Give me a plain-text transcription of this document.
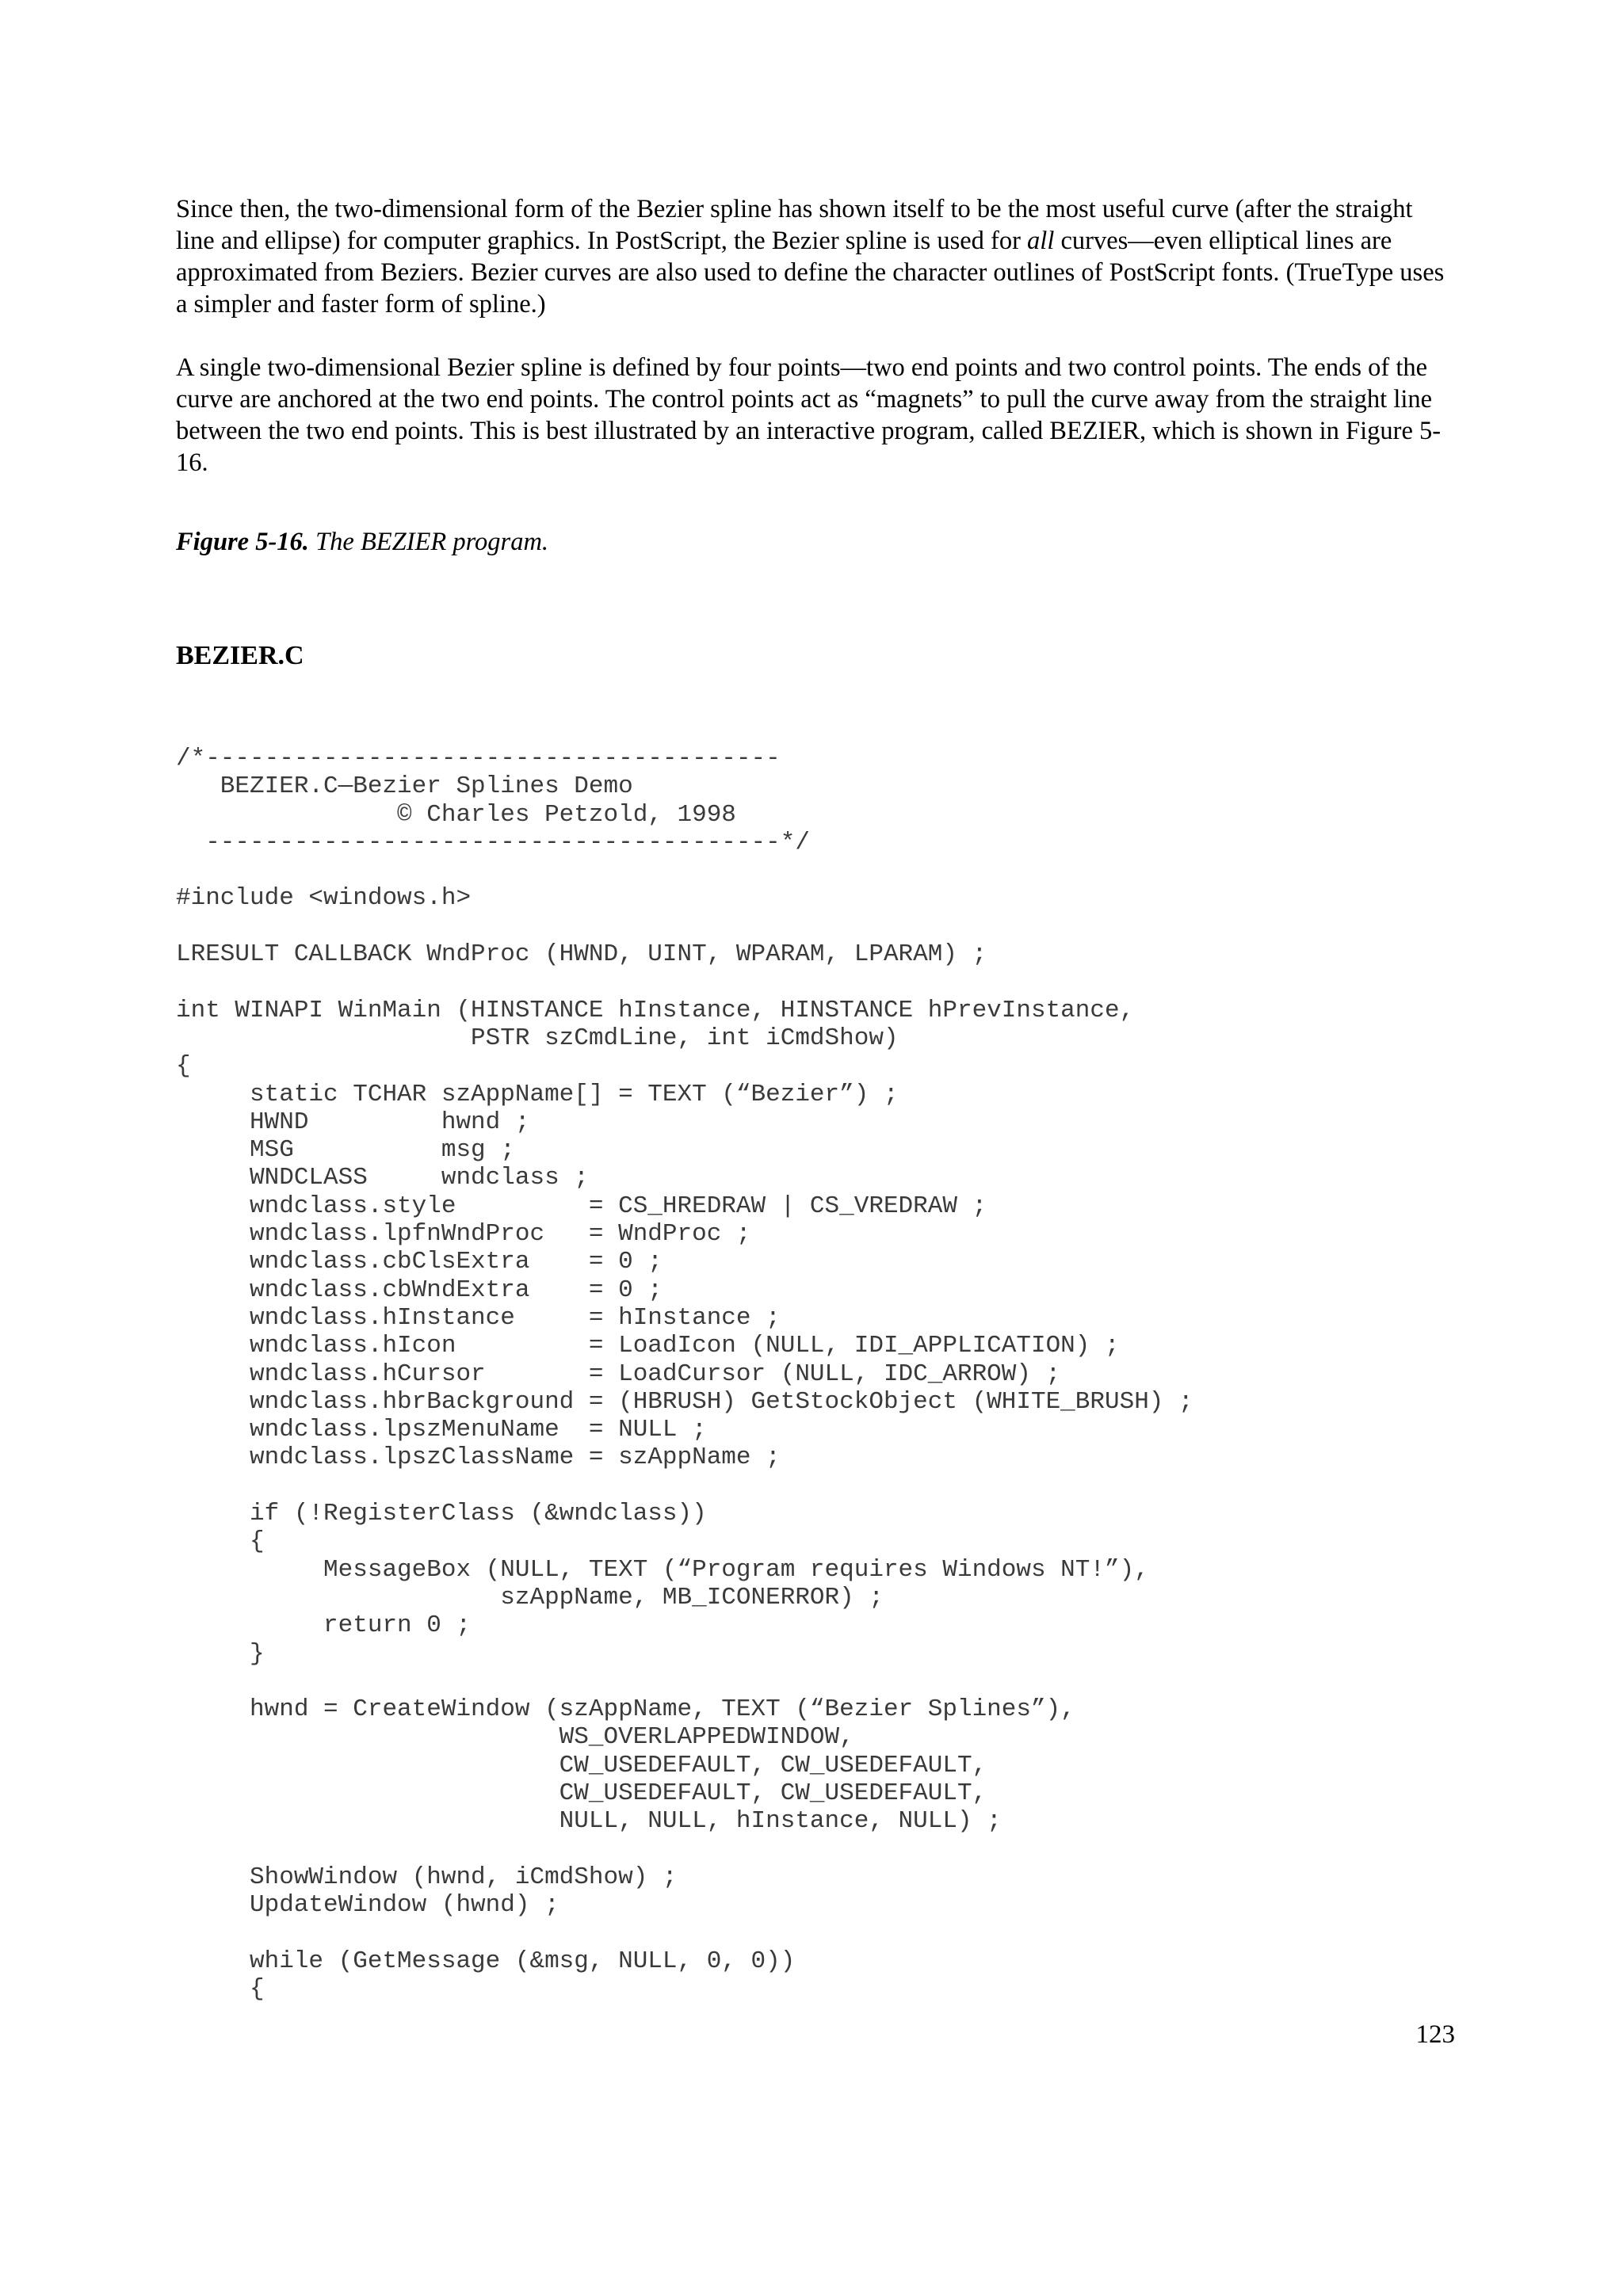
Since then, the two-dimensional form of the Bezier spline has shown itself to be the most useful curve (after the straight line and ellipse) for computer graphics. In PostScript, the Bezier spline is used for all curves—even elliptical lines are approximated from Beziers. Bezier curves are also used to define the character outlines of PostScript fonts. (TrueType uses a simpler and faster form of spline.)

A single two-dimensional Bezier spline is defined by four points—two end points and two control points. The ends of the curve are anchored at the two end points. The control points act as “magnets” to pull the curve away from the straight line between the two end points. This is best illustrated by an interactive program, called BEZIER, which is shown in Figure 5-16.

Figure 5-16. The BEZIER program.

BEZIER.C
/*---------------------------------------
BEZIER.C—Bezier Splines Demo
© Charles Petzold, 1998
---------------------------------------*/

#include <windows.h>

LRESULT CALLBACK WndProc (HWND, UINT, WPARAM, LPARAM) ;

int WINAPI WinMain (HINSTANCE hInstance, HINSTANCE hPrevInstance,
PSTR szCmdLine, int iCmdShow)
{
static TCHAR szAppName[] = TEXT (“Bezier”) ;
HWND         hwnd ;
MSG          msg ;
WNDCLASS     wndclass ;
wndclass.style         = CS_HREDRAW | CS_VREDRAW ;
wndclass.lpfnWndProc   = WndProc ;
wndclass.cbClsExtra    = 0 ;
wndclass.cbWndExtra    = 0 ;
wndclass.hInstance     = hInstance ;
wndclass.hIcon         = LoadIcon (NULL, IDI_APPLICATION) ;
wndclass.hCursor       = LoadCursor (NULL, IDC_ARROW) ;
wndclass.hbrBackground = (HBRUSH) GetStockObject (WHITE_BRUSH) ;
wndclass.lpszMenuName  = NULL ;
wndclass.lpszClassName = szAppName ;

if (!RegisterClass (&wndclass))
{
MessageBox (NULL, TEXT (“Program requires Windows NT!”),
szAppName, MB_ICONERROR) ;
return 0 ;
}

hwnd = CreateWindow (szAppName, TEXT (“Bezier Splines”),
WS_OVERLAPPEDWINDOW,
CW_USEDEFAULT, CW_USEDEFAULT,
CW_USEDEFAULT, CW_USEDEFAULT,
NULL, NULL, hInstance, NULL) ;

ShowWindow (hwnd, iCmdShow) ;
UpdateWindow (hwnd) ;

while (GetMessage (&msg, NULL, 0, 0))
{

123
